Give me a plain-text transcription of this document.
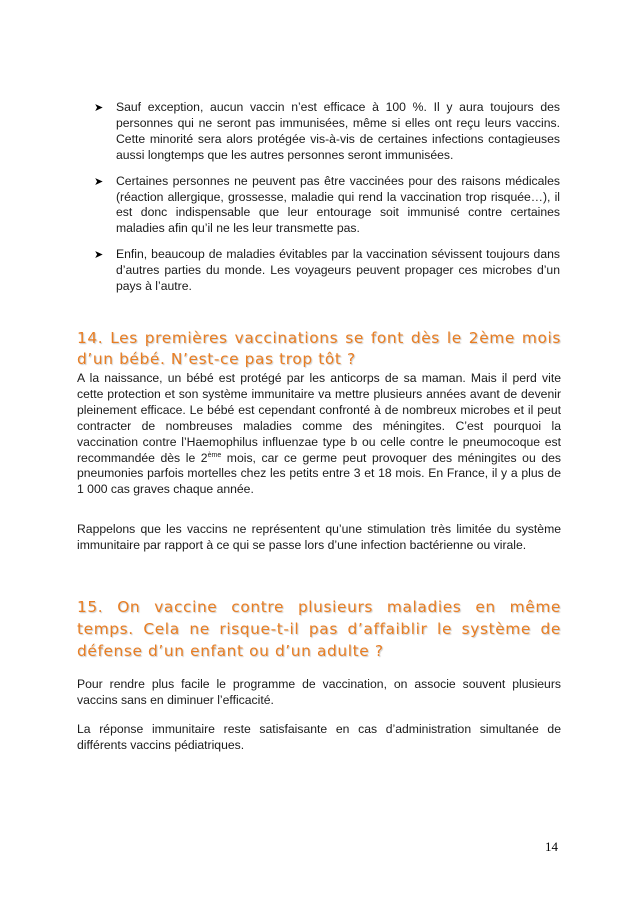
➤ Sauf exception, aucun vaccin n’est efficace à 100 %. Il y aura toujours des personnes qui ne seront pas immunisées, même si elles ont reçu leurs vaccins. Cette minorité sera alors protégée vis-à-vis de certaines infections contagieuses aussi longtemps que les autres personnes seront immunisées.
➤ Certaines personnes ne peuvent pas être vaccinées pour des raisons médicales (réaction allergique, grossesse, maladie qui rend la vaccination trop risquée…), il est donc indispensable que leur entourage soit immunisé contre certaines maladies afin qu’il ne les leur transmette pas.
➤ Enfin, beaucoup de maladies évitables par la vaccination sévissent toujours dans d’autres parties du monde. Les voyageurs peuvent propager ces microbes d’un pays à l’autre.
14. Les premières vaccinations se font dès le 2ème mois d’un bébé. N’est-ce pas trop tôt ?

A la naissance, un bébé est protégé par les anticorps de sa maman. Mais il perd vite cette protection et son système immunitaire va mettre plusieurs années avant de devenir pleinement efficace. Le bébé est cependant confronté à de nombreux microbes et il peut contracter de nombreuses maladies comme des méningites. C’est pourquoi la vaccination contre l’Haemophilus influenzae type b ou celle contre le pneumocoque est recommandée dès le 2ème mois, car ce germe peut provoquer des méningites ou des pneumonies parfois mortelles chez les petits entre 3 et 18 mois. En France, il y a plus de 1 000 cas graves chaque année.

Rappelons que les vaccins ne représentent qu’une stimulation très limitée du système immunitaire par rapport à ce qui se passe lors d’une infection bactérienne ou virale.

15. On vaccine contre plusieurs maladies en même temps. Cela ne risque-t-il pas d’affaiblir le système de défense d’un enfant ou d’un adulte ?

Pour rendre plus facile le programme de vaccination, on associe souvent plusieurs vaccins sans en diminuer l’efficacité.

La réponse immunitaire reste satisfaisante en cas d’administration simultanée de différents vaccins pédiatriques.

14
